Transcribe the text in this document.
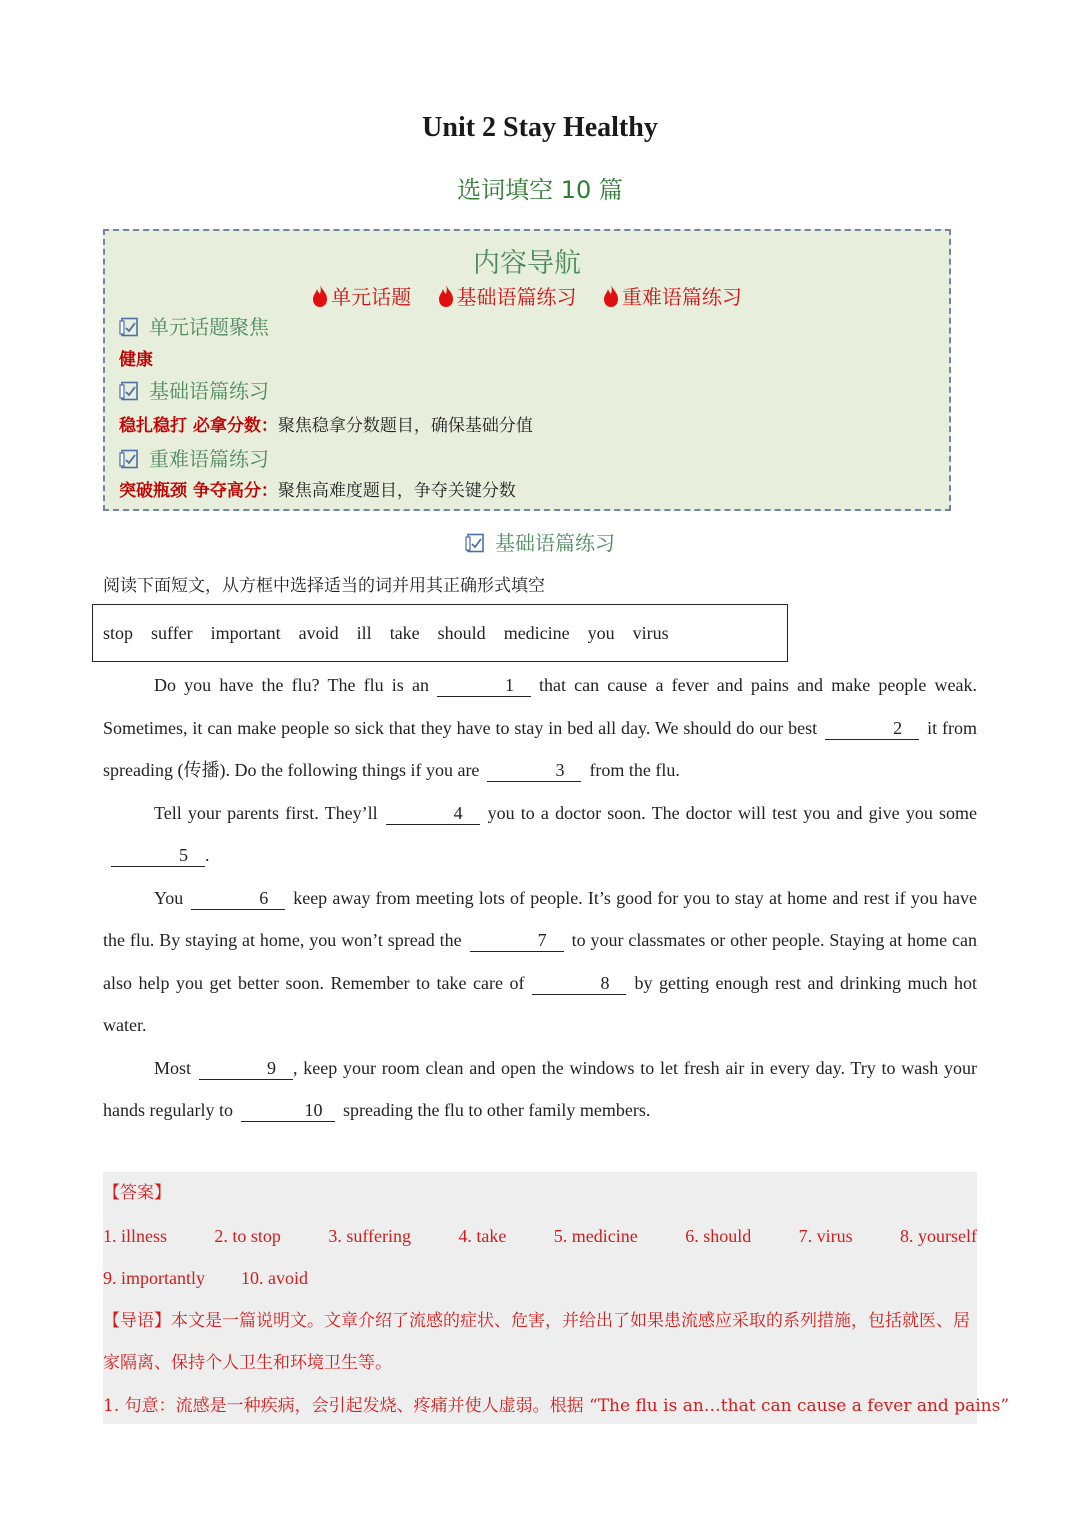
Unit 2 Stay Healthy
选词填空 10 篇
内容导航
单元话题 基础语篇练习 重难语篇练习
单元话题聚焦
健康
基础语篇练习
稳扎稳打 必拿分数：聚焦稳拿分数题目，确保基础分值
重难语篇练习
突破瓶颈 争夺高分：聚焦高难度题目，争夺关键分数
基础语篇练习
阅读下面短文，从方框中选择适当的词并用其正确形式填空
stop suffer important avoid ill take should medicine you virus

Do you have the flu? The flu is an	1 that can cause a fever and pains and make people weak. Sometimes, it can make people so sick that they have to stay in bed all day. We should do our best	2 it from spreading (传播). Do the following things if you are	3 from the flu.

Tell your parents first. They’ll	4 you to a doctor soon. The doctor will test you and give you some5 .

You	6 keep away from meeting lots of people. It’s good for you to stay at home and rest if you have the flu. By staying at home, you won’t spread the	7 to your classmates or other people. Staying at home can also help you get better soon. Remember to take care of	8 by getting enough rest and drinking much hot water.

Most	9 , keep your room clean and open the windows to let fresh air in every day. Try to wash your hands regularly to	10 spreading the flu to other family members.

【答案】
1. illness	2. to stop	3. suffering	4. take	5. medicine	6. should	7. virus	8. yourself
9. importantly 10. avoid
【导语】本文是一篇说明文。文章介绍了流感的症状、危害，并给出了如果患流感应采取的系列措施，包括就医、居家隔离、保持个人卫生和环境卫生等。
1. 句意：流感是一种疾病，会引起发烧、疼痛并使人虚弱。根据 “The flu is an…that can cause a fever and pains”
